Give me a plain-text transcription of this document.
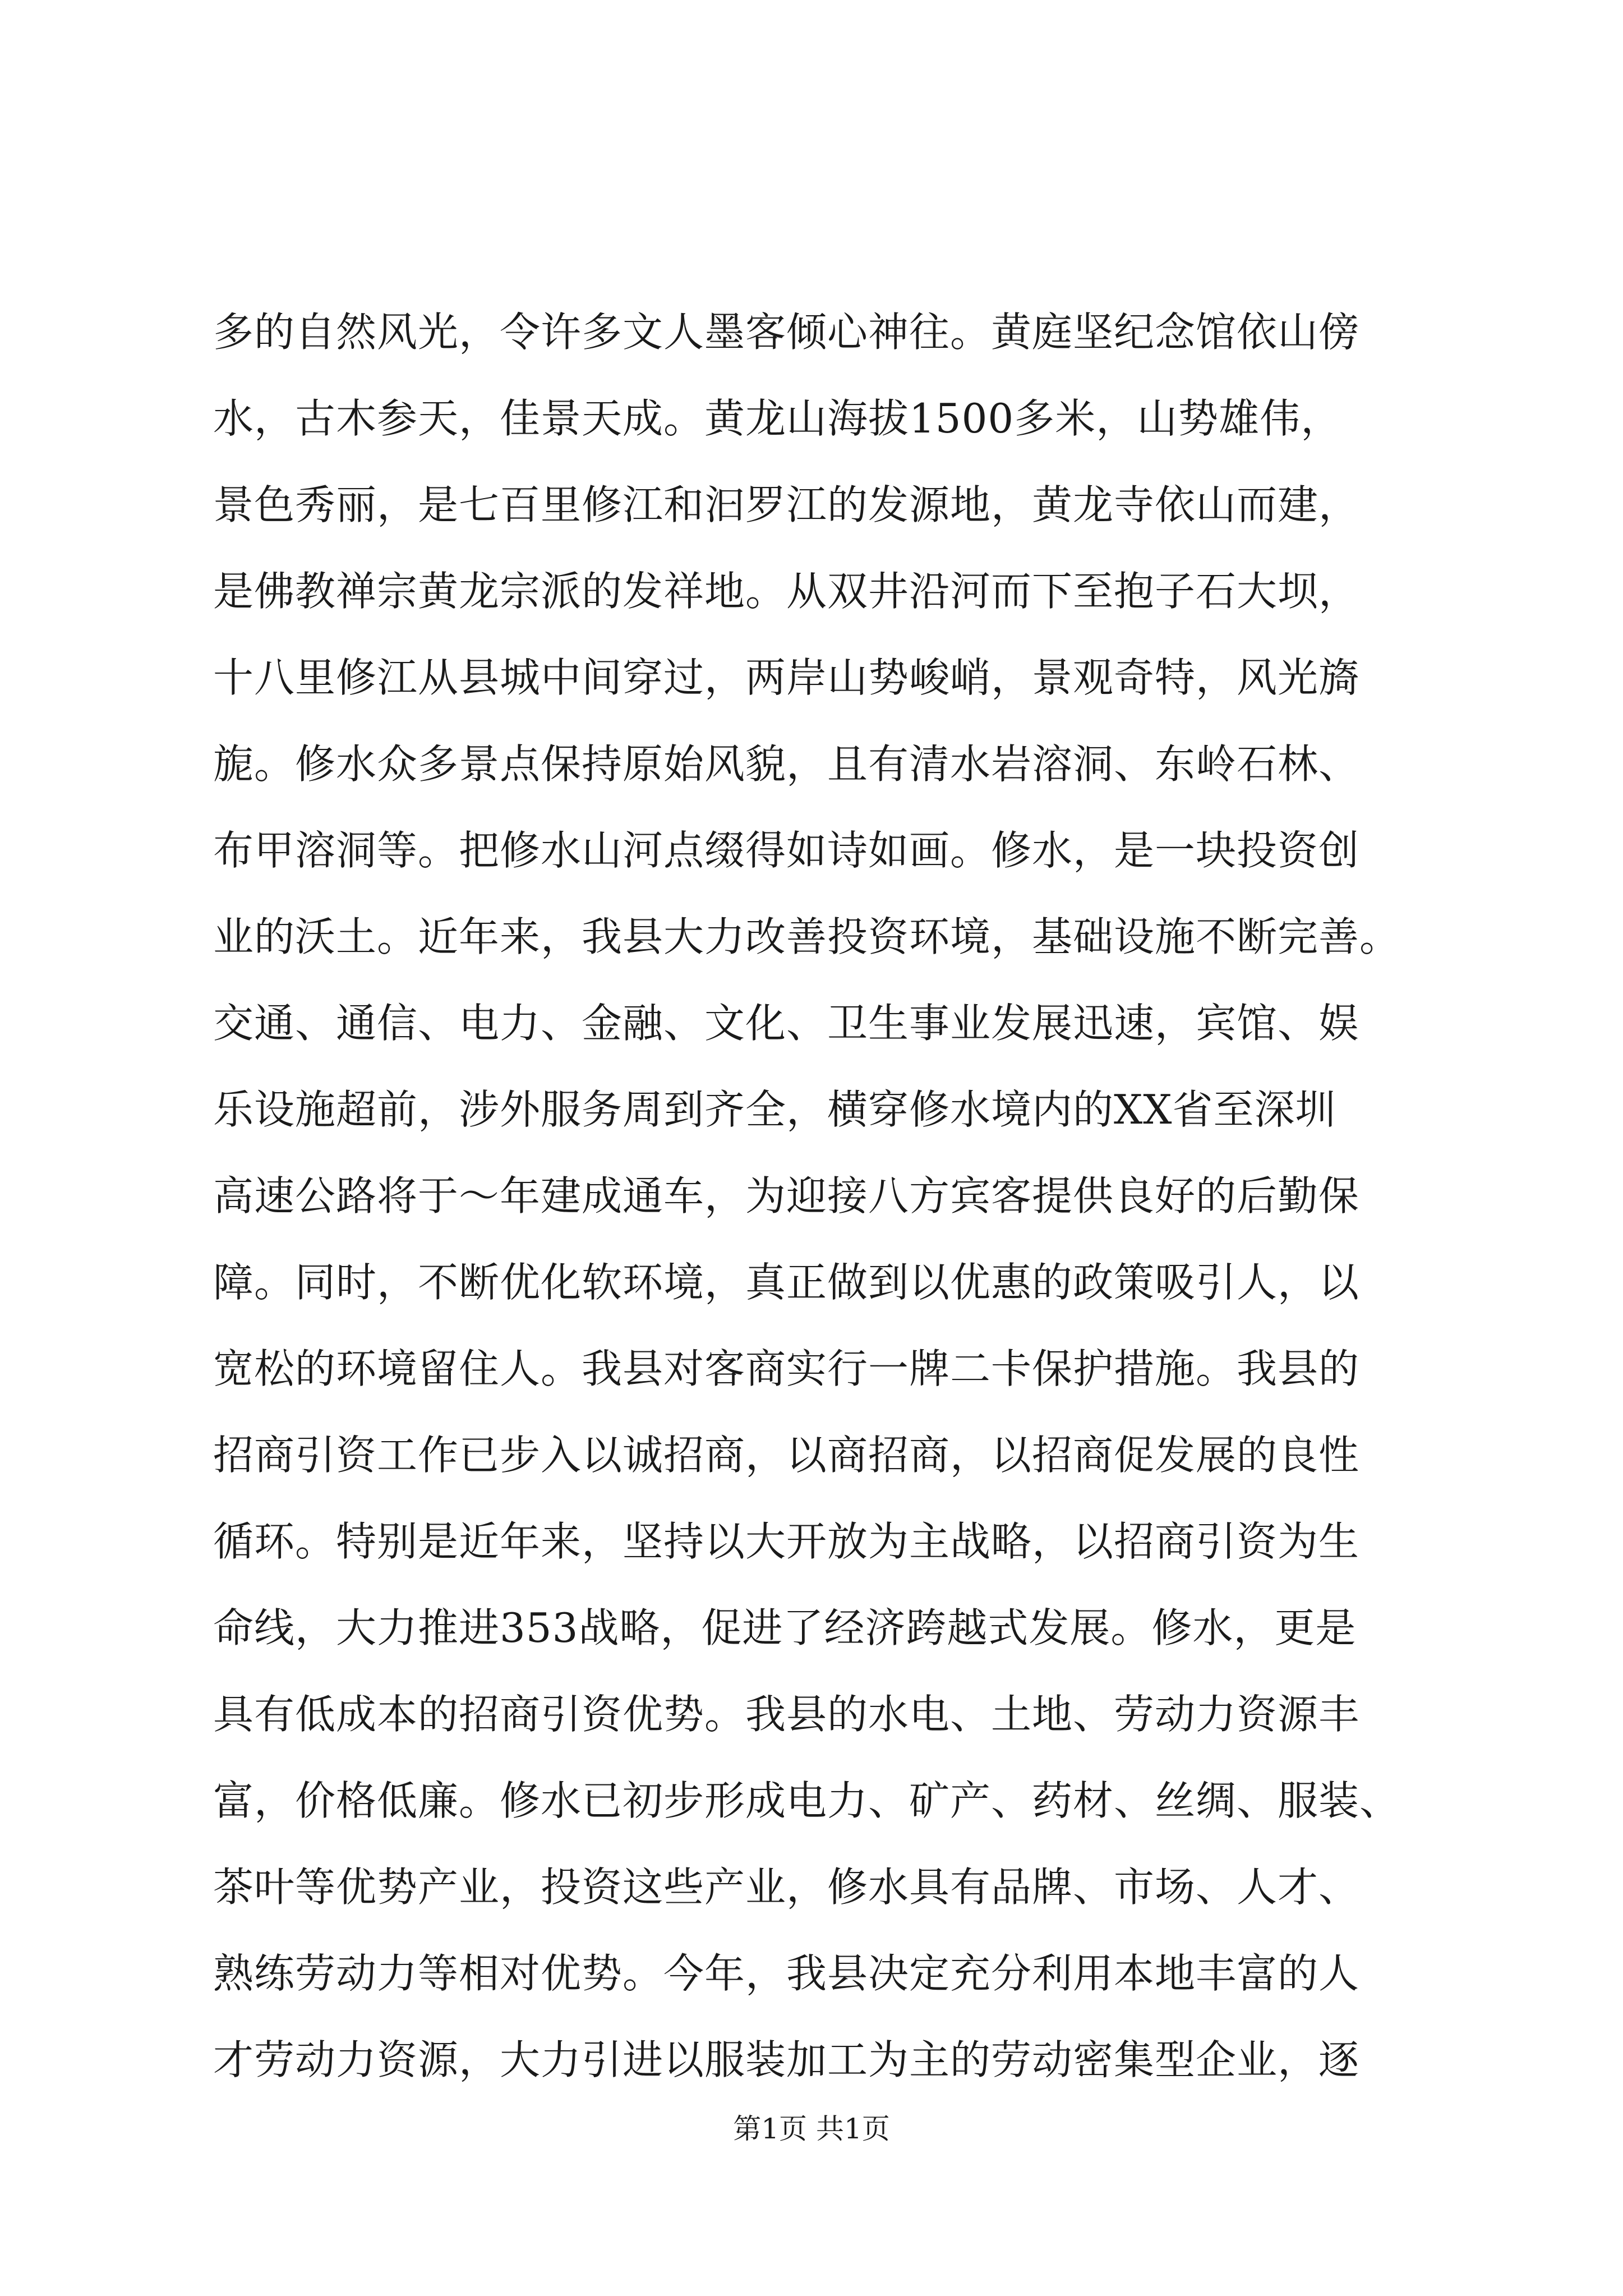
多的自然风光，令许多文人墨客倾心神往。黄庭坚纪念馆依山傍
水，古木参天，佳景天成。黄龙山海拔1500多米，山势雄伟，
景色秀丽，是七百里修江和汩罗江的发源地，黄龙寺依山而建，
是佛教禅宗黄龙宗派的发祥地。从双井沿河而下至抱子石大坝，
十八里修江从县城中间穿过，两岸山势峻峭，景观奇特，风光旖
旎。修水众多景点保持原始风貌，且有清水岩溶洞、东岭石林、
布甲溶洞等。把修水山河点缀得如诗如画。修水，是一块投资创
业的沃土。近年来，我县大力改善投资环境，基础设施不断完善。
交通、通信、电力、金融、文化、卫生事业发展迅速，宾馆、娱
乐设施超前，涉外服务周到齐全，横穿修水境内的XX省至深圳
高速公路将于～年建成通车，为迎接八方宾客提供良好的后勤保
障。同时，不断优化软环境，真正做到以优惠的政策吸引人，以
宽松的环境留住人。我县对客商实行一牌二卡保护措施。我县的
招商引资工作已步入以诚招商，以商招商，以招商促发展的良性
循环。特别是近年来，坚持以大开放为主战略，以招商引资为生
命线，大力推进353战略，促进了经济跨越式发展。修水，更是
具有低成本的招商引资优势。我县的水电、土地、劳动力资源丰
富，价格低廉。修水已初步形成电力、矿产、药材、丝绸、服装、
茶叶等优势产业，投资这些产业，修水具有品牌、市场、人才、
熟练劳动力等相对优势。今年，我县决定充分利用本地丰富的人
才劳动力资源，大力引进以服装加工为主的劳动密集型企业，逐
第1页 共1页
